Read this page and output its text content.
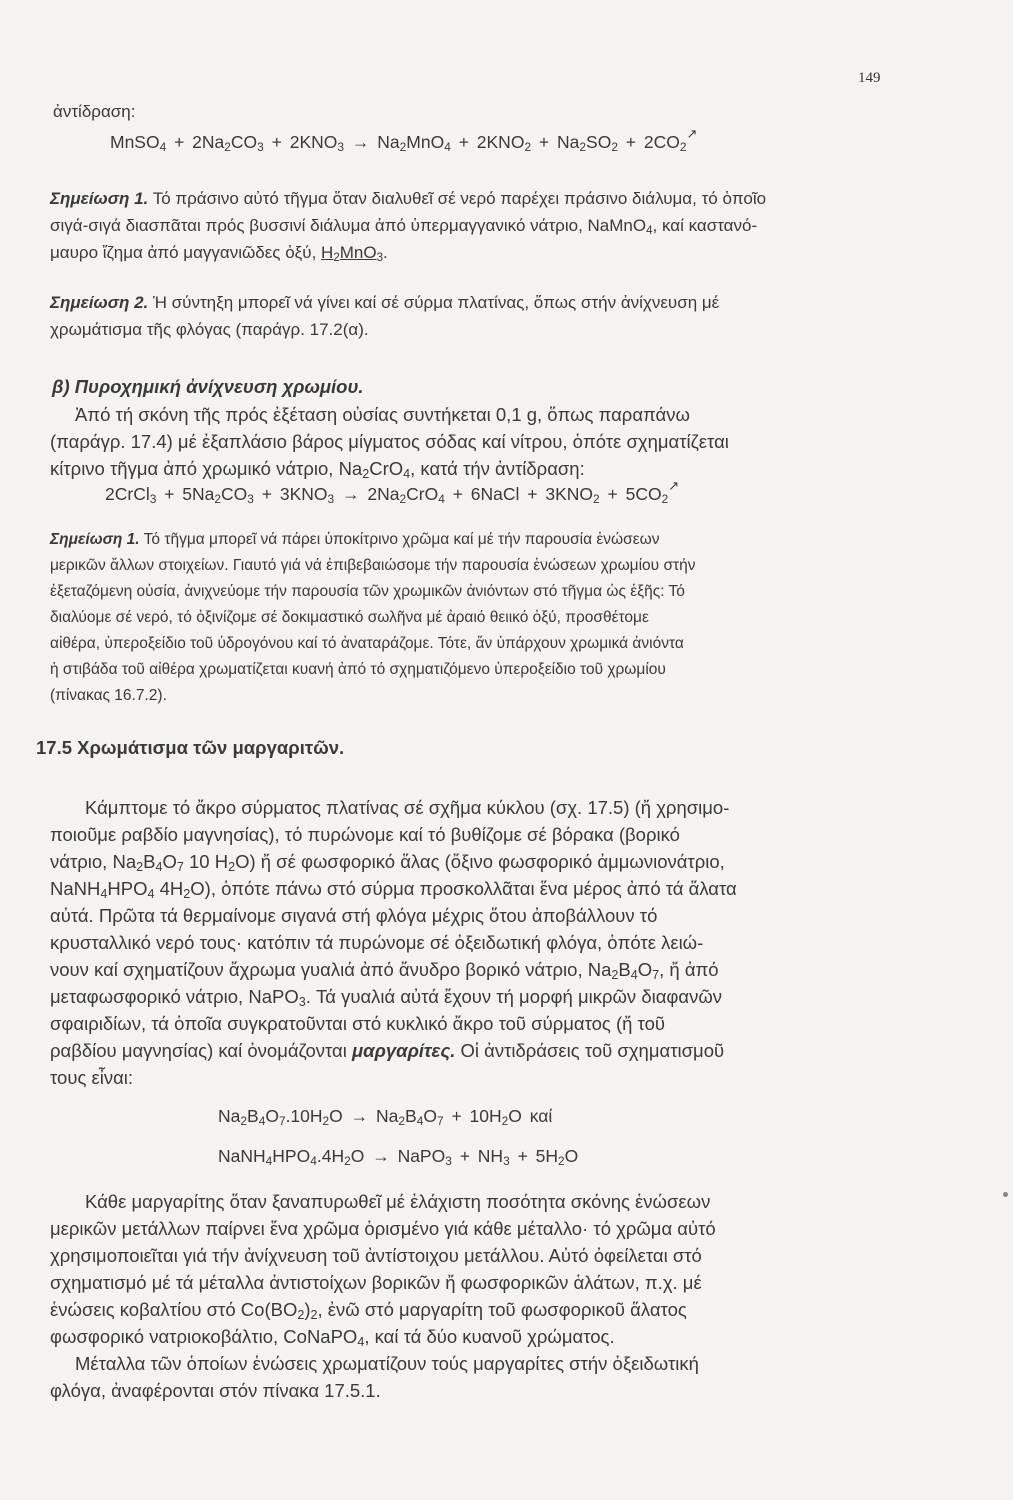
149
ἀντίδραση:
MnSO$_4$ + $2Na_2CO_3 + 2KNO_3 \to Na_2MnO_4 + 2KNO_2 + Na_2SO_2 + 2CO_2^↗$
Σημείωση 1. Τό πράσινο αὐτό τῆγμα ὅταν διαλυθεῖ σέ νερό παρέχει πράσινο διάλυμα, τό ὁποῖο
σιγά-σιγά διασπᾶται πρός βυσσινί διάλυμα ἀπό ὑπερμαγγανικό νάτριο, NaMnO$_4$, καί καστανό-
μαυρο ἴζημα ἀπό μαγγανιῶδες ὀξύ, $H_2MnO_3$.
Σημείωση 2. Ἡ σύντηξη μπορεῖ νά γίνει καί σέ σύρμα πλατίνας, ὅπως στήν ἀνίχνευση μέ
χρωμάτισμα τῆς φλόγας (παράγρ. 17.2(α).
β) Πυροχημική ἀνίχνευση χρωμίου.
Ἀπό τή σκόνη τῆς πρός ἐξέταση οὐσίας συντήκεται 0,1 g, ὅπως παραπάνω
(παράγρ. 17.4) μέ ἐξαπλάσιο βάρος μίγματος σόδας καί νίτρου, ὁπότε σχηματίζεται
κίτρινο τῆγμα ἀπό χρωμικό νάτριο, $Na_2CrO_4$, κατά τήν ἀντίδραση:
2CrCl$_3$ + $5Na_2CO_3 + 3KNO_3 \to 2Na_2CrO_4$ + 6NaCl + $3KNO_2 + 5CO_2^↗$
Σημείωση 1. Τό τῆγμα μπορεῖ νά πάρει ὑποκίτρινο χρῶμα καί μέ τήν παρουσία ἑνώσεων
μερικῶν ἄλλων στοιχείων. Γιαυτό γιά νά ἐπιβεβαιώσομε τήν παρουσία ἑνώσεων χρωμίου στήν
ἐξεταζόμενη οὐσία, ἀνιχνεύομε τήν παρουσία τῶν χρωμικῶν ἀνιόντων στό τῆγμα ὡς ἑξῆς: Τό
διαλύομε σέ νερό, τό ὀξινίζομε σέ δοκιμαστικό σωλῆνα μέ ἀραιό θειικό ὀξύ, προσθέτομε
αἰθέρα, ὑπεροξείδιο τοῦ ὑδρογόνου καί τό ἀναταράζομε. Τότε, ἄν ὑπάρχουν χρωμικά ἀνιόντα
ἡ στιβάδα τοῦ αἰθέρα χρωματίζεται κυανή ἀπό τό σχηματιζόμενο ὑπεροξείδιο τοῦ χρωμίου
(πίνακας 16.7.2).
17.5 Χρωμάτισμα τῶν μαργαριτῶν.
Κάμπτομε τό ἄκρο σύρματος πλατίνας σέ σχῆμα κύκλου (σχ. 17.5) (ἤ χρησιμο-
ποιοῦμε ραβδίο μαγνησίας), τό πυρώνομε καί τό βυθίζομε σέ βόρακα (βορικό
νάτριο, $Na_2B_4O_7$ 10 $H_2O$) ἤ σέ φωσφορικό ἅλας (ὄξινο φωσφορικό ἀμμωνιονάτριο,
$NaNH_4HPO_4$ $4H_2O$), ὁπότε πάνω στό σύρμα προσκολλᾶται ἕνα μέρος ἀπό τά ἅλατα
αὐτά. Πρῶτα τά θερμαίνομε σιγανά στή φλόγα μέχρις ὅτου ἀποβάλλουν τό
κρυσταλλικό νερό τους· κατόπιν τά πυρώνομε σέ ὀξειδωτική φλόγα, ὁπότε λειώ-
νουν καί σχηματίζουν ἄχρωμα γυαλιά ἀπό ἄνυδρο βορικό νάτριο, $Na_2B_4O_7$, ἤ ἀπό
μεταφωσφορικό νάτριο, NaPO$_3$. Τά γυαλιά αὐτά ἔχουν τή μορφή μικρῶν διαφανῶν
σφαιριδίων, τά ὁποῖα συγκρατοῦνται στό κυκλικό ἄκρο τοῦ σύρματος (ἤ τοῦ
ραβδίου μαγνησίας) καί ὀνομάζονται μαργαρίτες. Οἱ ἀντιδράσεις τοῦ σχηματισμοῦ
τους εἶναι:
$Na_2B_4O_7.10H_2O \to Na_2B_4O_7 + 10H_2O$ καί
$NaNH_4HPO_4.4H_2O$ → NaPO$_3$ + $NH_3 + 5H_2O$
Κάθε μαργαρίτης ὅταν ξαναπυρωθεῖ μέ ἐλάχιστη ποσότητα σκόνης ἑνώσεων
μερικῶν μετάλλων παίρνει ἕνα χρῶμα ὁρισμένο γιά κάθε μέταλλο· τό χρῶμα αὐτό
χρησιμοποιεῖται γιά τήν ἀνίχνευση τοῦ ἀντίστοιχου μετάλλου. Αὐτό ὀφείλεται στό
σχηματισμό μέ τά μέταλλα ἀντιστοίχων βορικῶν ἤ φωσφορικῶν ἁλάτων, π.χ. μέ
ἑνώσεις κοβαλτίου στό $Co(BO_2)_2$, ἐνῶ στό μαργαρίτη τοῦ φωσφορικοῦ ἅλατος
φωσφορικό νατριοκοβάλτιο, CoNaPO$_4$, καί τά δύο κυανοῦ χρώματος.
Μέταλλα τῶν ὁποίων ἑνώσεις χρωματίζουν τούς μαργαρίτες στήν ὀξειδωτική
φλόγα, ἀναφέρονται στόν πίνακα 17.5.1.
